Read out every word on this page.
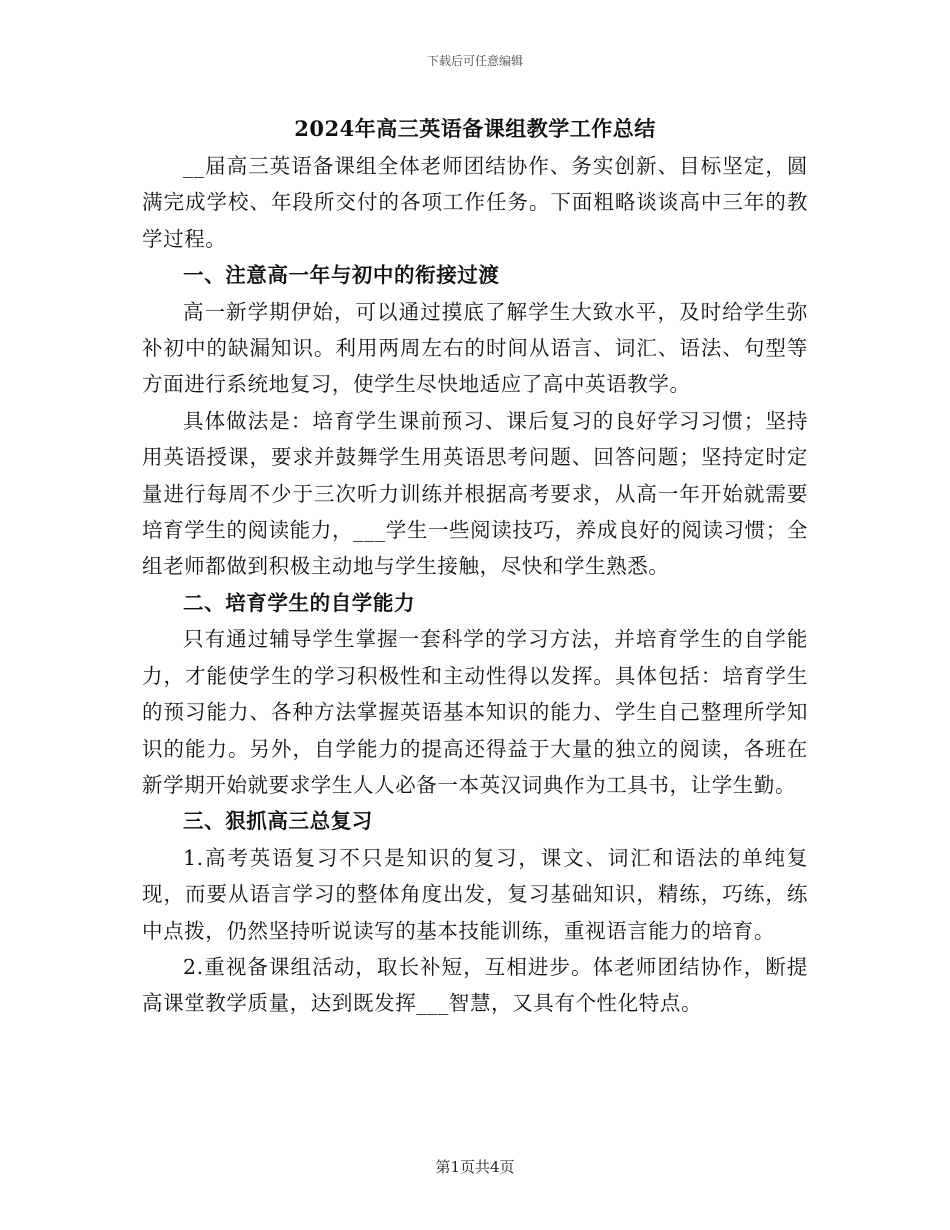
下载后可任意编辑
2024年高三英语备课组教学工作总结

__届高三英语备课组全体老师团结协作、务实创新、目标坚定，圆满完成学校、年段所交付的各项工作任务。下面粗略谈谈高中三年的教学过程。

一、注意高一年与初中的衔接过渡

高一新学期伊始，可以通过摸底了解学生大致水平，及时给学生弥补初中的缺漏知识。利用两周左右的时间从语言、词汇、语法、句型等方面进行系统地复习，使学生尽快地适应了高中英语教学。

具体做法是：培育学生课前预习、课后复习的良好学习习惯；坚持用英语授课，要求并鼓舞学生用英语思考问题、回答问题；坚持定时定量进行每周不少于三次听力训练并根据高考要求，从高一年开始就需要培育学生的阅读能力，___学生一些阅读技巧，养成良好的阅读习惯；全组老师都做到积极主动地与学生接触，尽快和学生熟悉。

二、培育学生的自学能力

只有通过辅导学生掌握一套科学的学习方法，并培育学生的自学能力，才能使学生的学习积极性和主动性得以发挥。具体包括：培育学生的预习能力、各种方法掌握英语基本知识的能力、学生自己整理所学知识的能力。另外，自学能力的提高还得益于大量的独立的阅读，各班在新学期开始就要求学生人人必备一本英汉词典作为工具书，让学生勤。

三、狠抓高三总复习

1.高考英语复习不只是知识的复习，课文、词汇和语法的单纯复现，而要从语言学习的整体角度出发，复习基础知识，精练，巧练，练中点拨，仍然坚持听说读写的基本技能训练，重视语言能力的培育。

2.重视备课组活动，取长补短，互相进步。体老师团结协作，断提高课堂教学质量，达到既发挥___智慧，又具有个性化特点。

第1页共4页
